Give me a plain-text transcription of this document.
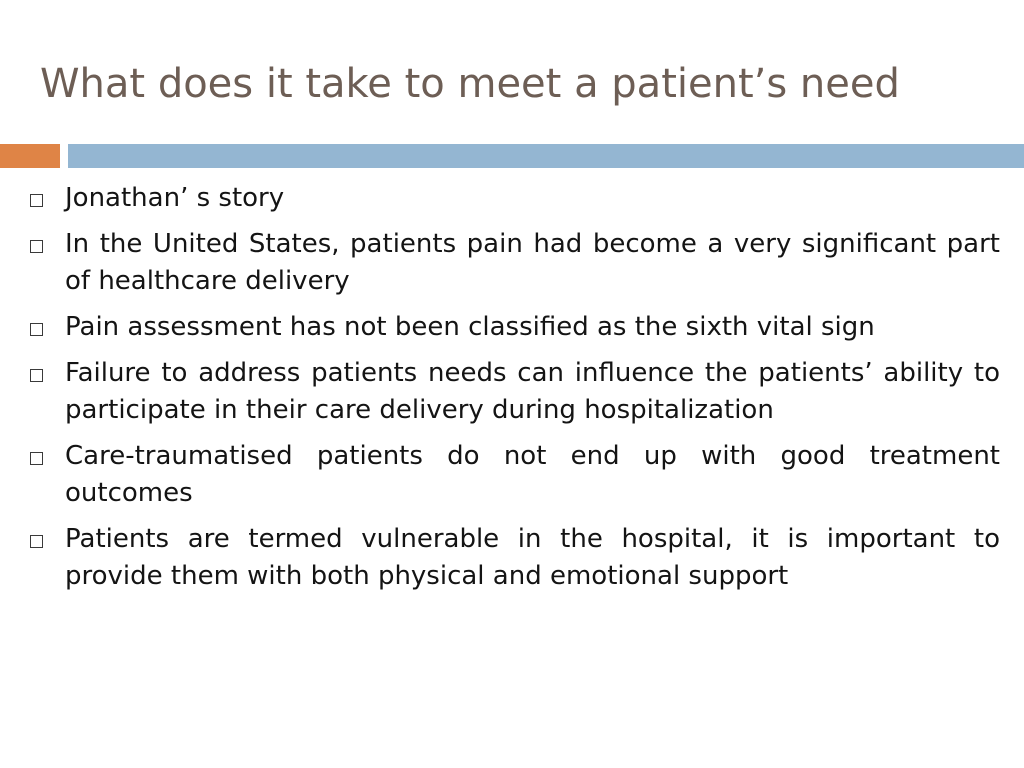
What does it take to meet a patient’s need
Jonathan’ s story
In the United States, patients pain had become a very significant part of healthcare delivery
Pain assessment has not been classified as the sixth vital sign
Failure to address patients needs can influence the patients’ ability to participate in their care delivery during hospitalization
Care-traumatised patients do not end up with good treatment outcomes
Patients are termed vulnerable in the hospital, it is important to provide them with both physical and emotional support
